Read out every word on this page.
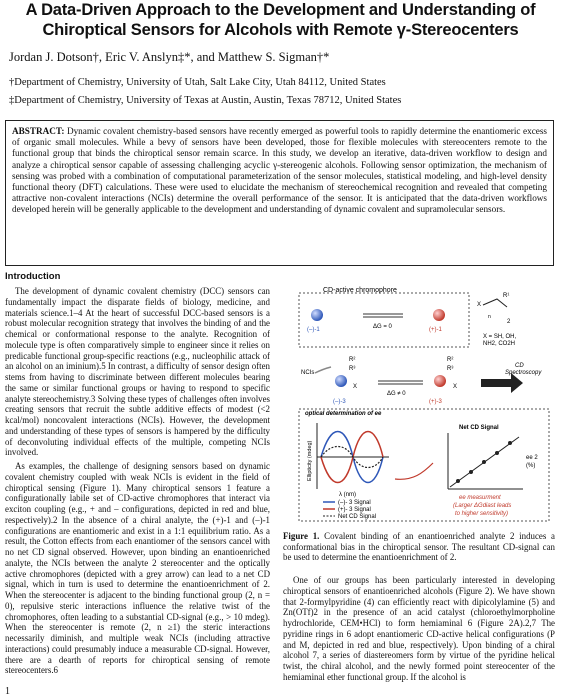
A Data-Driven Approach to the Development and Understanding of
Chiroptical Sensors for Alcohols with Remote γ-Stereocenters
Jordan J. Dotson†, Eric V. Anslyn‡*, and Matthew S. Sigman†*
†Department of Chemistry, University of Utah, Salt Lake City, Utah 84112, United States
‡Department of Chemistry, University of Texas at Austin, Austin, Texas 78712, United States
ABSTRACT: Dynamic covalent chemistry-based sensors have recently emerged as powerful tools to rapidly determine the enantiomeric excess of organic small molecules. While a bevy of sensors have been developed, those for flexible molecules with stereocenters remote to the functional group that binds the chiroptical sensor remain scarce. In this study, we develop an iterative, data-driven workflow to design and analyze a chiroptical sensor capable of assessing challenging acyclic γ-stereogenic alcohols. Following sensor optimization, the mechanism of sensing was probed with a combination of computational parameterization of the sensor molecules, statistical modeling, and high-level density functional theory (DFT) calculations. These were used to elucidate the mechanism of stereochemical recognition and revealed that competing attractive non-covalent interactions (NCIs) determine the overall performance of the sensor. It is anticipated that the data-driven workflows developed herein will be generally applicable to the development and understanding of dynamic covalent and supramolecular sensors.
Introduction

The development of dynamic covalent chemistry (DCC) sensors can fundamentally impact the disparate fields of biology, medicine, and materials science.1–4 At the heart of successful DCC-based sensors is a robust molecular recognition strategy that involves the binding of and the chemical or conformational response to the analyte. Recognition of molecule type is often comparatively simple to engineer since it relies on predicable functional group-specific reactions (e.g., nucleophilic attack of an alcohol on an iminium).5 In contrast, a difficulty of sensor design often stems from having to discriminate between different molecules bearing the same or similar functional groups or having to respond to specific analyte stereochemistry.3 Solving these types of challenges often involves creating sensors that recruit the subtle additive effects of modest (<2 kcal/mol) noncovalent interactions (NCIs). However, the development and understanding of these types of sensors is hampered by the difficulty of deconvoluting individual effects of the multiple, competing NCIs involved.

As examples, the challenge of designing sensors based on dynamic covalent chemistry coupled with weak NCIs is evident in the field of chiroptical sensing (Figure 1). Many chiroptical sensors 1 feature a configurationally labile set of CD-active chromophores that interact via exciton coupling (e.g., + and – configurations, depicted in red and blue, respectively).2 In the absence of a chiral analyte, the (+)-1 and (–)-1 configurations are enantiomeric and exist in a 1:1 equilibrium ratio. As a result, the Cotton effects from each enantiomer of the sensors cancel with no net CD signal observed. However, upon binding an enantioenriched analyte, the NCIs between the analyte 2 stereocenter and the optically active chromophores (depicted with a grey arrow) can lead to a net CD signal, which in turn is used to determine the enantioenrichment of 2. When the stereocenter is adjacent to the binding functional group (2, n = 0), repulsive steric interactions influence the relative twist of the chromophores, often leading to a substantial CD-signal (e.g., > 10 mdeg). When the stereocenter is remote (2, n ≥1) the steric interactions necessarily diminish, and multiple weak NCIs (including attractive interactions) could presumably induce a measurable CD-signal. However, there are a dearth of reports for chiroptical sensing of remote stereocenters.6

CD-active chromophore
(–)-1	ΔG = 0	(+)-1
X
R¹
n
2
X = SH, OH,
NH2, CO2H
NCIs
R²
R³
X
(–)-3
ΔG ≠ 0
R²
R³
X
(+)-3
CD
Spectroscopy
optical determination of ee
Ellipticity (mdeg)
λ (nm)
(–)- 3 Signal
(+)- 3 Signal
Net CD Signal
Net CD Signal
ee 2
(%)
ee measurment
(Larger ΔGdiast leads
to higher sensitivity)
Figure 1. Covalent binding of an enantioenriched analyte 2 induces a conformational bias in the chiroptical sensor. The resultant CD-signal can be used to determine the enantioenrichment of 2.

One of our groups has been particularly interested in developing chiroptical sensors of enantioenriched alcohols (Figure 2). We have shown that 2-formylpyridine (4) can efficiently react with dipicolylamine (5) and Zn(OTf)2 in the presence of an acid catalyst (chloroethylmorpholine hydrochloride, CEM•HCl) to form hemiaminal 6 (Figure 2A).2,7 The pyridine rings in 6 adopt enantiomeric CD-active helical configurations (P and M, depicted in red and blue, respectively). Upon binding of a chiral alcohol 7, a series of diastereomers form by virtue of the pyridine helical twist, the chiral alcohol, and the newly formed point stereocenter of the hemiaminal ether functional group. If the alcohol is

1
